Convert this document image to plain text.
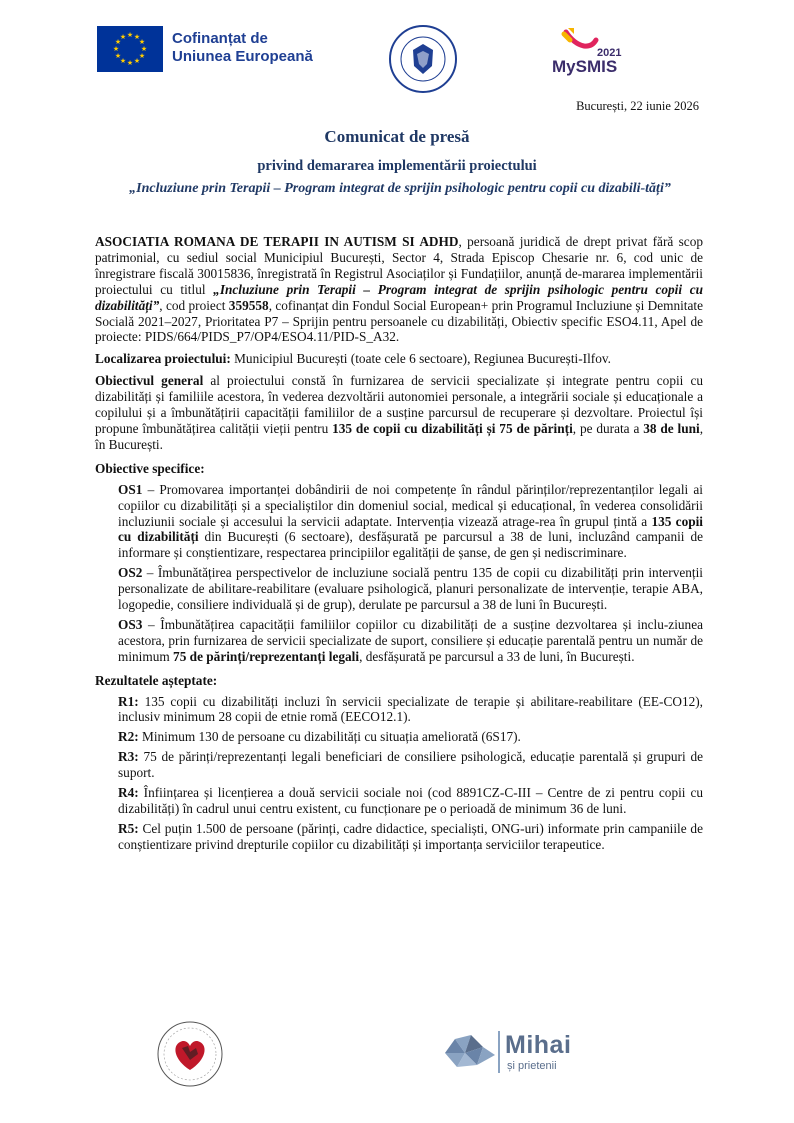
★ ★
★
★
★
★
★
★
★
★
★
★	Cofinanțat de
Uniunea Europeană	2021
MySMIS
București, 22 iunie 2026
Comunicat de presă
privind demararea implementării proiectului
„Incluziune prin Terapii – Program integrat de sprijin psihologic pentru copii cu dizabili-tăți”

ASOCIATIA ROMANA DE TERAPII IN AUTISM SI ADHD, persoană juridică de drept privat fără scop patrimonial, cu sediul social Municipiul București, Sector 4, Strada Episcop Chesarie nr. 6, cod unic de înregistrare fiscală 30015836, înregistrată în Registrul Asociaților și Fundațiilor, anunță de-mararea implementării proiectului cu titlul „Incluziune prin Terapii – Program integrat de sprijin psihologic pentru copii cu dizabilități”, cod proiect 359558, cofinanțat din Fondul Social European+ prin Programul Incluziune și Demnitate Socială 2021–2027, Prioritatea P7 – Sprijin pentru persoanele cu dizabilități, Obiectiv specific ESO4.11, Apel de proiecte: PIDS/664/PIDS_P7/OP4/ESO4.11/PID-S_A32.

Localizarea proiectului: Municipiul București (toate cele 6 sectoare), Regiunea București-Ilfov.

Obiectivul general al proiectului constă în furnizarea de servicii specializate și integrate pentru copii cu dizabilități și familiile acestora, în vederea dezvoltării autonomiei personale, a integrării sociale și educaționale a copilului și a îmbunătățirii capacității familiilor de a susține parcursul de recuperare și dezvoltare. Proiectul își propune îmbunătățirea calității vieții pentru 135 de copii cu dizabilități și 75 de părinți, pe durata a 38 de luni, în București.

Obiective specifice:

OS1 – Promovarea importanței dobândirii de noi competențe în rândul părinților/reprezentanților legali ai copiilor cu dizabilități și a specialiștilor din domeniul social, medical și educațional, în vederea consolidării incluziunii sociale și accesului la servicii adaptate. Intervenția vizează atrage-rea în grupul țintă a 135 copii cu dizabilități din București (6 sectoare), desfășurată pe parcursul a 38 de luni, incluzând campanii de informare și conștientizare, respectarea principiilor egalității de șanse, de gen și nediscriminare.

OS2 – Îmbunătățirea perspectivelor de incluziune socială pentru 135 de copii cu dizabilități prin intervenții personalizate de abilitare-reabilitare (evaluare psihologică, planuri personalizate de intervenție, terapie ABA, logopedie, consiliere individuală și de grup), derulate pe parcursul a 38 de luni în București.

OS3 – Îmbunătățirea capacității familiilor copiilor cu dizabilități de a susține dezvoltarea și inclu-ziunea acestora, prin furnizarea de servicii specializate de suport, consiliere și educație parentală pentru un număr de minimum 75 de părinți/reprezentanți legali, desfășurată pe parcursul a 33 de luni, în București.

Rezultatele așteptate:

R1: 135 copii cu dizabilități incluzi în servicii specializate de terapie și abilitare-reabilitare (EE-CO12), inclusiv minimum 28 copii de etnie romă (EECO12.1).

R2: Minimum 130 de persoane cu dizabilități cu situația ameliorată (6S17).

R3: 75 de părinți/reprezentanți legali beneficiari de consiliere psihologică, educație parentală și grupuri de suport.

R4: Înființarea și licențierea a două servicii sociale noi (cod 8891CZ-C-III – Centre de zi pentru copii cu dizabilități) în cadrul unui centru existent, cu funcționare pe o perioadă de minimum 36 de luni.

R5: Cel puțin 1.500 de persoane (părinți, cadre didactice, specialiști, ONG-uri) informate prin campaniile de conștientizare privind drepturile copiilor cu dizabilități și importanța serviciilor terapeutice.

Mihai
și prietenii
